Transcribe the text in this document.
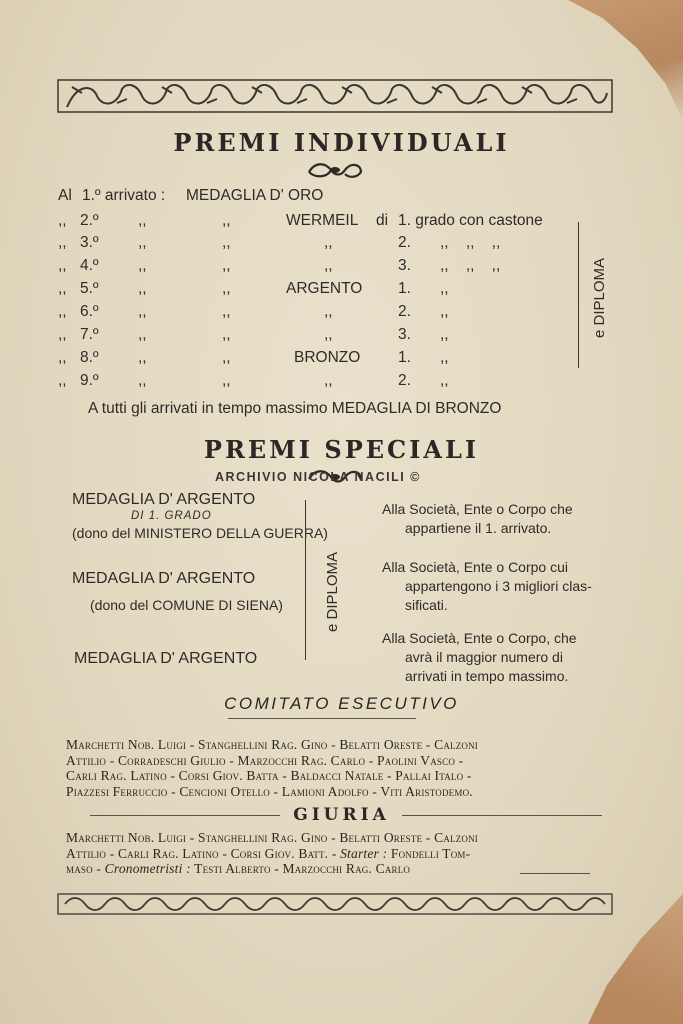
PREMI INDIVIDUALI
Al 1.º arrivato : MEDAGLIA D' ORO
,, 2.º	,,	,,	WERMEIL di 1. grado con castone
,, 3.º	,,	,,	,,	2. ,,    ,,    ,,
,, 4.º	,,	,,	,,	3. ,,    ,,    ,,
,, 5.º	,,	,,	ARGENTO 1. ,,
,, 6.º	,,	,,	,,	2. ,,
,, 7.º	,,	,,	,,	3. ,,
,, 8.º	,,	,,	BRONZO 1. ,,
,, 9.º	,,	,,	,,	2. ,,
e DIPLOMA
A tutti gli arrivati in tempo massimo MEDAGLIA DI BRONZO
PREMI SPECIALI
ARCHIVIO NICOLA NACILI ©
MEDAGLIA D' ARGENTO
DI 1. GRADO
(dono del MINISTERO DELLA GUERRA)
MEDAGLIA D' ARGENTO
(dono del COMUNE DI SIENA)
MEDAGLIA D' ARGENTO
e DIPLOMA
Alla Società, Ente o Corpo che
appartiene il 1. arrivato.
Alla Società, Ente o Corpo cui
appartengono i 3 migliori clas-
sificati.
Alla Società, Ente o Corpo, che
avrà il maggior numero di
arrivati in tempo massimo.
COMITATO ESECUTIVO
Marchetti Nob. Luigi - Stanghellini Rag. Gino - Belatti Oreste - Calzoni
Attilio - Corradeschi Giulio - Marzocchi Rag. Carlo - Paolini Vasco -
Carli Rag. Latino - Corsi Giov. Batta - Baldacci Natale - Pallai Italo -
Piazzesi Ferruccio - Cencioni Otello - Lamioni Adolfo - Viti Aristodemo.
GIURIA
Marchetti Nob. Luigi - Stanghellini Rag. Gino - Belatti Oreste - Calzoni
Attilio - Carli Rag. Latino - Corsi Giov. Batt. - Starter : Fondelli Tom-
maso - Cronometristi : Testi Alberto - Marzocchi Rag. Carlo
